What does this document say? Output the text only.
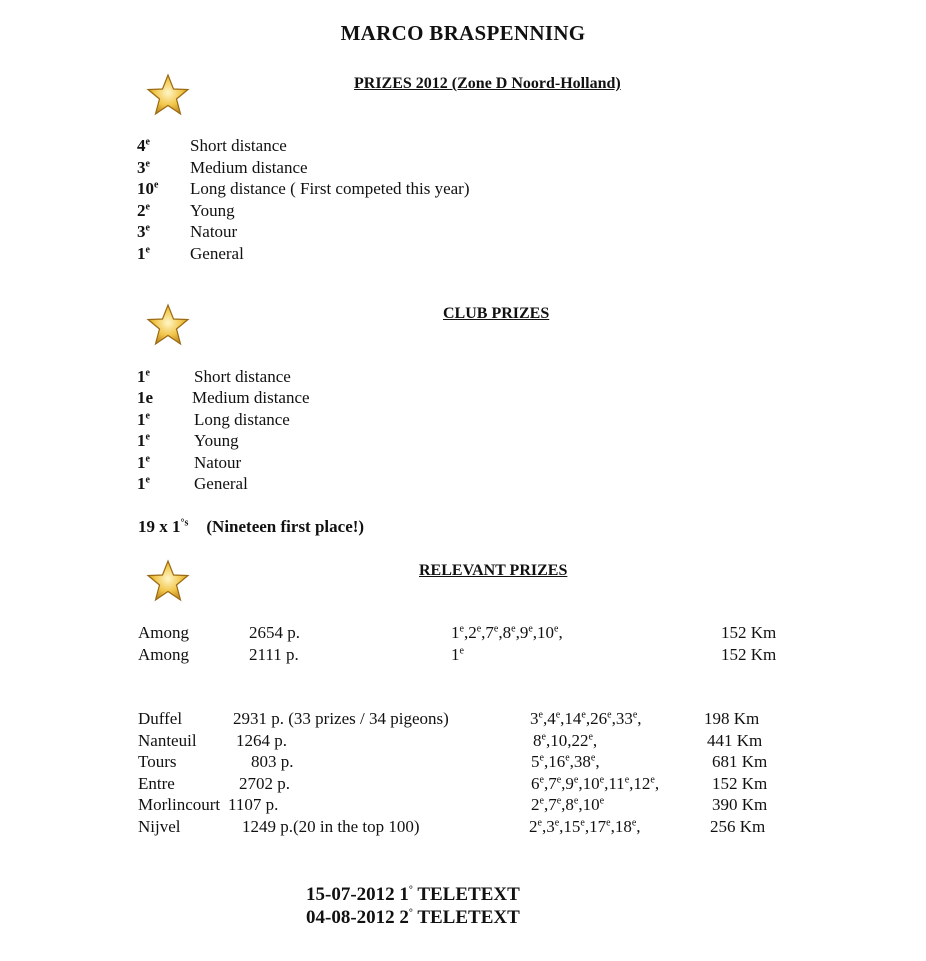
MARCO BRASPENNING
PRIZES 2012 (Zone D Noord-Holland)
4e Short distance
3e Medium distance
10e Long distance ( First competed this year)
2e Young
3e Natour
1e General
CLUB PRIZES
1e	Short distance
1e Medium distance
1e	Long distance
1e	Young
1e	Natour
1e	General
19 x $1^{^\circ s}$ (Nineteen first place!)
RELEVANT PRIZES
Among	2654 p.	1e,2e,7e,8e,9e,10e,	152 Km
Among	2111 p.	1e	152 Km
Duffel	2931 p. (33 prizes / 34 pigeons)	3e,4e,14e,26e,33e,	198 Km
Nanteuil 1264 p.	8e,10,22e,	441 Km
Tours	803 p.	5e,16e,38e,	681 Km
Entre	2702 p.	6e,7e,9e,10e,11e,12e,	152 Km
Morlincourt 1107 p.	2e,7e,8e,10e	390 Km
Nijvel	1249 p.(20 in the top 100)	2e,3e,15e,17e,18e,	256 Km
15-07-2012 1° TELETEXT
04-08-2012 2° TELETEXT
